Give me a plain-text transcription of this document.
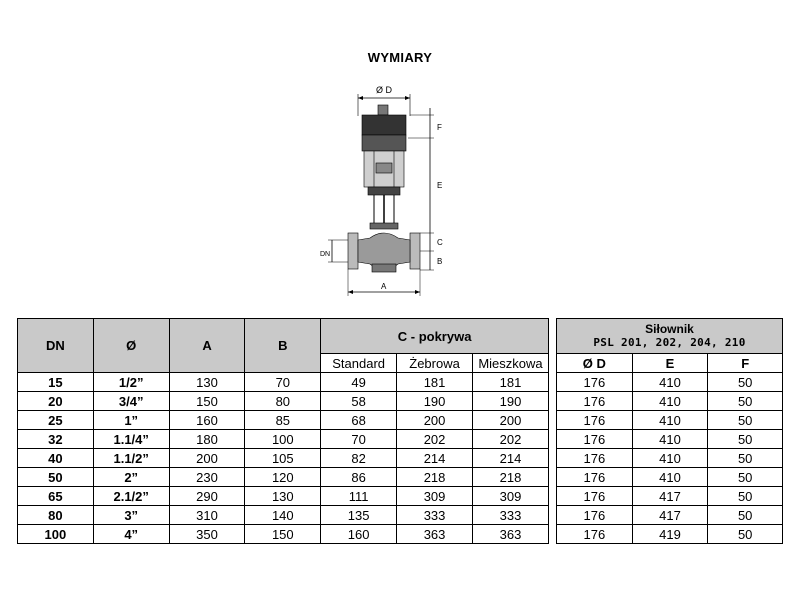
WYMIARY
Ø D
F
E
C
B
DN
A
DN	Ø	A	B	C - pokrywa		
				Standard	Żebrowa	Mieszkowa
15	1/2”	130	70	49	181	181
20	3/4”	150	80	58	190	190
25	1”	160	85	68	200	200
32	1.1/4”	180	100	70	202	202
40	1.1/2”	200	105	82	214	214
50	2”	230	120	86	218	218
65	2.1/2”	290	130	111	309	309
80	3”	310	140	135	333	333
100	4”	350	150	160	363	363
Siłownik
PSL 201, 202, 204, 210		

Ø D	E	F
176	410	50
176	410	50
176	410	50
176	410	50
176	410	50
176	410	50
176	417	50
176	417	50
176	419	50
